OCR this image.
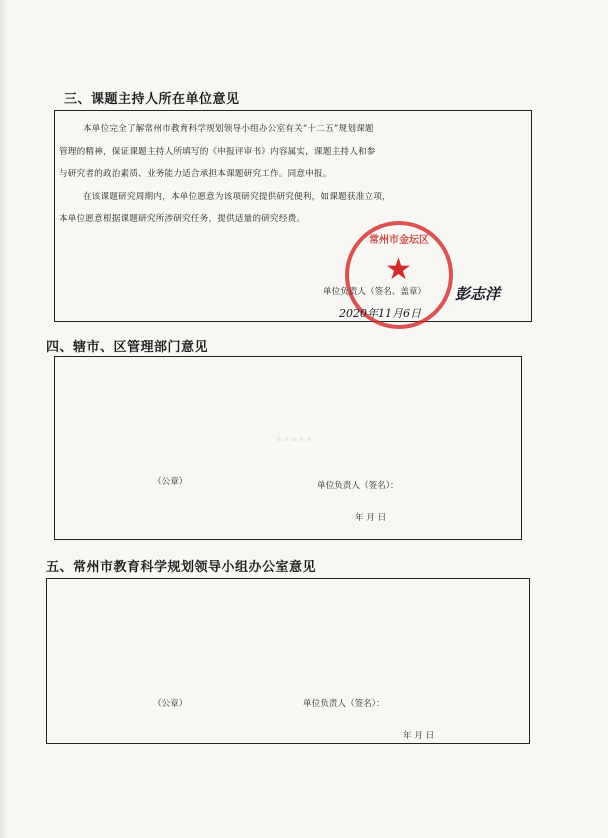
三、课题主持人所在单位意见
本单位完全了解常州市教育科学规划领导小组办公室有关“十二五”规划课题
管理的精神，保证课题主持人所填写的《申报评审书》内容属实，课题主持人和参
与研究者的政治素质、业务能力适合承担本课题研究工作。同意申报。
在该课题研究周期内，本单位愿意为该项研究提供研究便利，如课题获准立项，
本单位愿意根据课题研究所涉研究任务，提供适量的研究经费。
★
常州市金坛区
单位负责人（签名、盖章） 彭志洋
2020年11月6日
四、辖市、区管理部门意见
·····
（公章）	单位负责人（签名）：
年 月 日
五、常州市教育科学规划领导小组办公室意见
（公章）	单位负责人（签名）：
年 月 日
